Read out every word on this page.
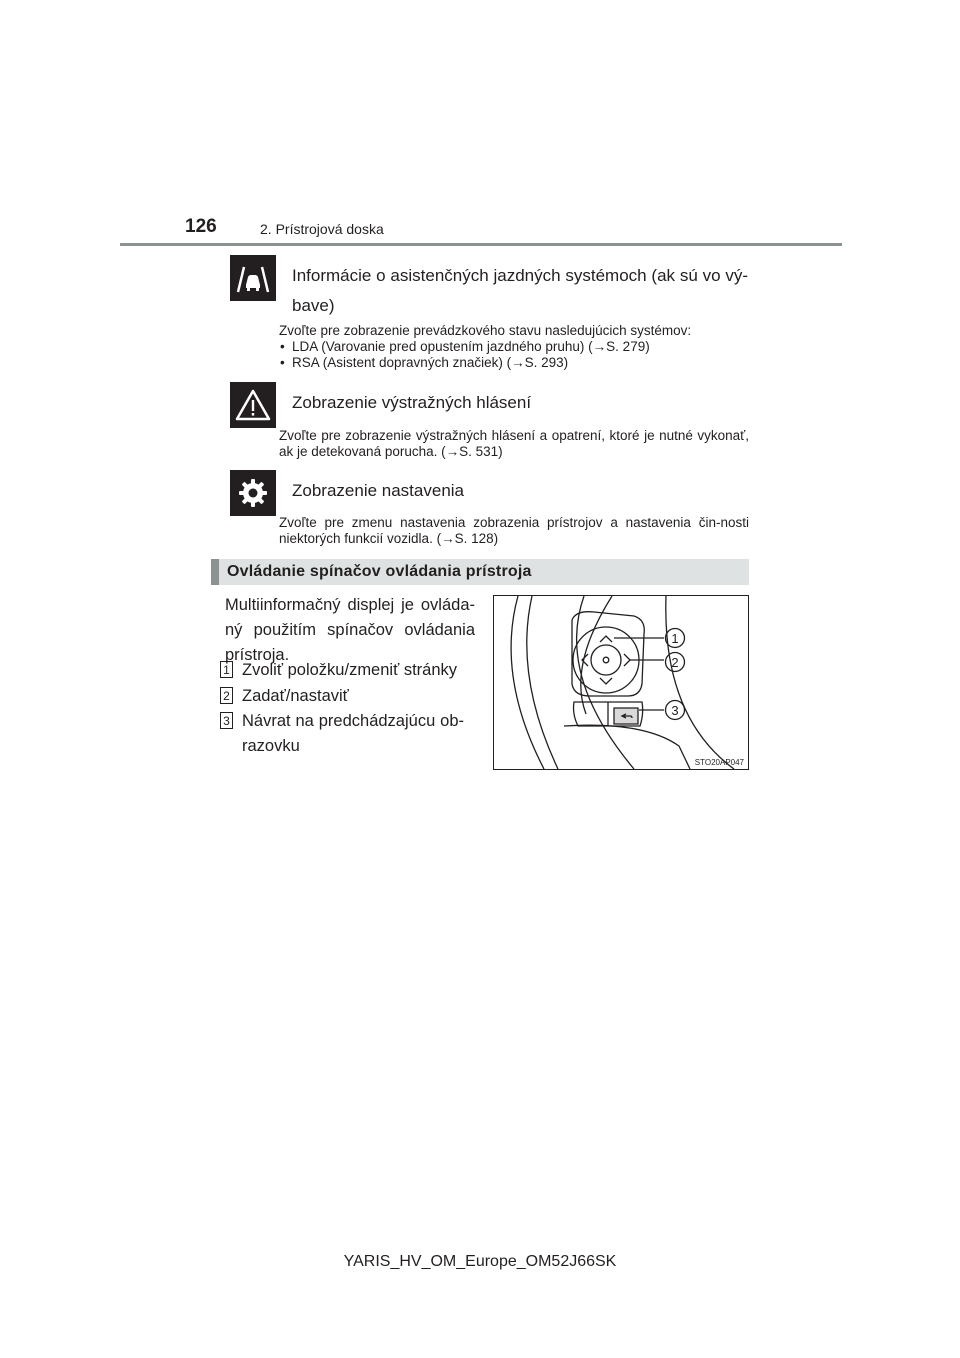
126	2. Prístrojová doska
Informácie o asistenčných jazdných systémoch (ak sú vo vý-bave)
Zvoľte pre zobrazenie prevádzkového stavu nasledujúcich systémov:
• LDA (Varovanie pred opustením jazdného pruhu) (→S. 279)
• RSA (Asistent dopravných značiek) (→S. 293)
Zobrazenie výstražných hlásení
Zvoľte pre zobrazenie výstražných hlásení a opatrení, ktoré je nutné vykonať, ak je detekovaná porucha. (→S. 531)
Zobrazenie nastavenia
Zvoľte pre zmenu nastavenia zobrazenia prístrojov a nastavenia čin-nosti niektorých funkcií vozidla. (→S. 128)
Ovládanie spínačov ovládania prístroja
Multiinformačný displej je ovláda-ný použitím spínačov ovládania prístroja.
1 Zvoliť položku/zmeniť stránky
2 Zadať/nastaviť
3 Návrat na predchádzajúcu ob-razovku
1
2
3
STO20AP047
YARIS_HV_OM_Europe_OM52J66SK
